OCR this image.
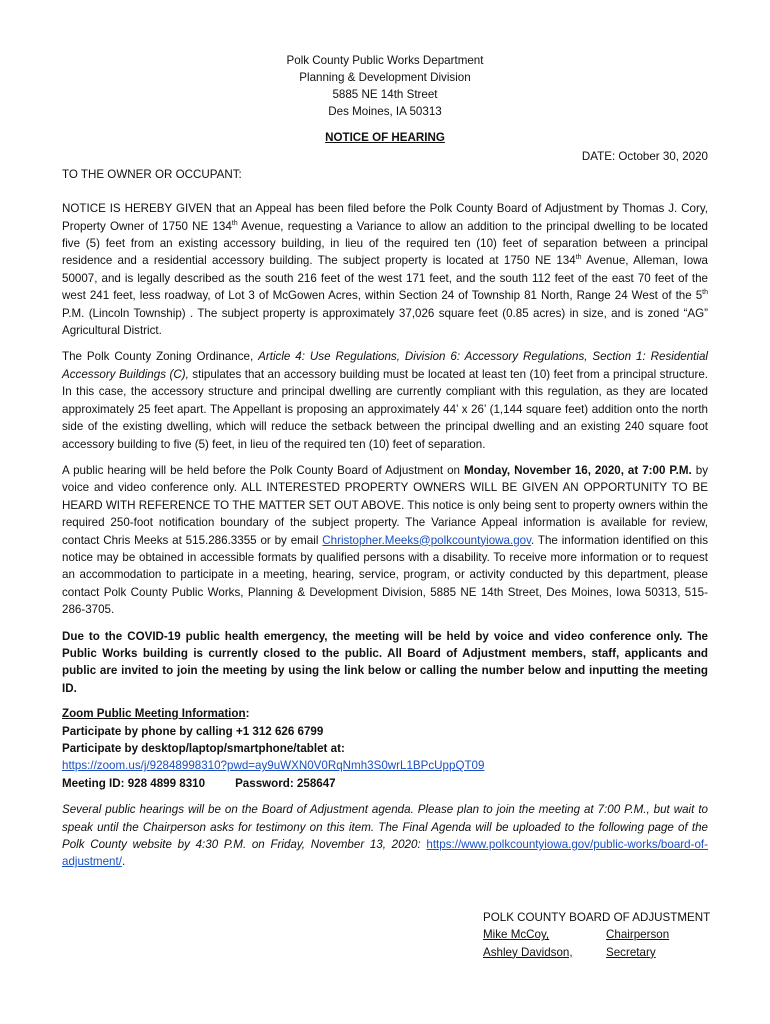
Polk County Public Works Department
Planning & Development Division
5885 NE 14th Street
Des Moines, IA 50313
NOTICE OF HEARING
DATE: October 30, 2020
TO THE OWNER OR OCCUPANT:

NOTICE IS HEREBY GIVEN that an Appeal has been filed before the Polk County Board of Adjustment by Thomas J. Cory, Property Owner of 1750 NE 134th Avenue, requesting a Variance to allow an addition to the principal dwelling to be located five (5) feet from an existing accessory building, in lieu of the required ten (10) feet of separation between a principal residence and a residential accessory building. The subject property is located at 1750 NE 134th Avenue, Alleman, Iowa 50007, and is legally described as the south 216 feet of the west 171 feet, and the south 112 feet of the east 70 feet of the west 241 feet, less roadway, of Lot 3 of McGowen Acres, within Section 24 of Township 81 North, Range 24 West of the 5th P.M. (Lincoln Township) . The subject property is approximately 37,026 square feet (0.85 acres) in size, and is zoned “AG” Agricultural District.

The Polk County Zoning Ordinance, Article 4: Use Regulations, Division 6: Accessory Regulations, Section 1: Residential Accessory Buildings (C), stipulates that an accessory building must be located at least ten (10) feet from a principal structure. In this case, the accessory structure and principal dwelling are currently compliant with this regulation, as they are located approximately 25 feet apart. The Appellant is proposing an approximately 44’ x 26’ (1,144 square feet) addition onto the north side of the existing dwelling, which will reduce the setback between the principal dwelling and an existing 240 square foot accessory building to five (5) feet, in lieu of the required ten (10) feet of separation.

A public hearing will be held before the Polk County Board of Adjustment on Monday, November 16, 2020, at 7:00 P.M. by voice and video conference only. ALL INTERESTED PROPERTY OWNERS WILL BE GIVEN AN OPPORTUNITY TO BE HEARD WITH REFERENCE TO THE MATTER SET OUT ABOVE. This notice is only being sent to property owners within the required 250-foot notification boundary of the subject property. The Variance Appeal information is available for review, contact Chris Meeks at 515.286.3355 or by email Christopher.Meeks@polkcountyiowa.gov. The information identified on this notice may be obtained in accessible formats by qualified persons with a disability. To receive more information or to request an accommodation to participate in a meeting, hearing, service, program, or activity conducted by this department, please contact Polk County Public Works, Planning & Development Division, 5885 NE 14th Street, Des Moines, Iowa 50313, 515-286-3705.

Due to the COVID-19 public health emergency, the meeting will be held by voice and video conference only. The Public Works building is currently closed to the public. All Board of Adjustment members, staff, applicants and public are invited to join the meeting by using the link below or calling the number below and inputting the meeting ID.

Zoom Public Meeting Information:
Participate by phone by calling +1 312 626 6799
Participate by desktop/laptop/smartphone/tablet at:
https://zoom.us/j/92848998310?pwd=ay9uWXN0V0RqNmh3S0wrL1BPcUppQT09
Meeting ID: 928 4899 8310	Password: 258647

Several public hearings will be on the Board of Adjustment agenda. Please plan to join the meeting at 7:00 P.M., but wait to speak until the Chairperson asks for testimony on this item. The Final Agenda will be uploaded to the following page of the Polk County website by 4:30 P.M. on Friday, November 13, 2020: https://www.polkcountyiowa.gov/public-works/board-of-adjustment/.

POLK COUNTY BOARD OF ADJUSTMENT
Mike McCoy,	Chairperson
Ashley Davidson,	Secretary
